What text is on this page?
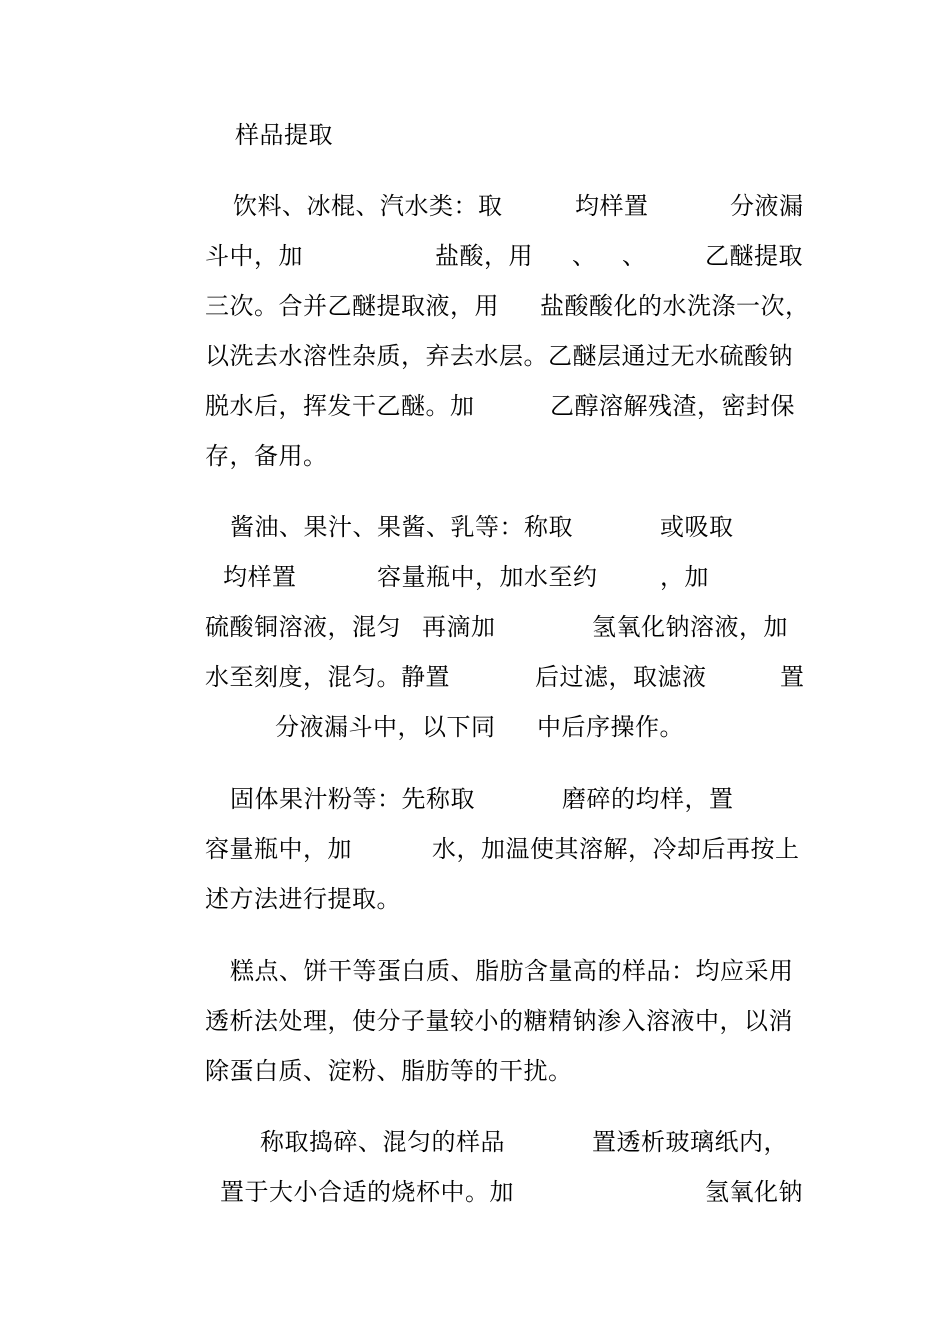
样品提取

饮料、冰棍、汽水类：取

	均样置

	分液漏

斗中，加

	盐酸，用

、

、

乙醚提取

三次。合并乙醚提取液，用

盐酸酸化的水洗涤一次，

以洗去水溶性杂质，弃去水层。乙醚层通过无水硫酸钠

脱水后，挥发干乙醚。加

	乙醇溶解残渣，密封保

存，备用。

酱油、果汁、果酱、乳等：称取

	或吸取

均样置

	容量瓶中，加水至约

	，加

硫酸铜溶液，混匀

再滴加

	氢氧化钠溶液，加

水至刻度，混匀。静置

	后过滤，取滤液

	置

分液漏斗中，以下同

中后序操作。

固体果汁粉等：先称取

	磨碎的均样，置

容量瓶中，加

	水，加温使其溶解，冷却后再按上

述方法进行提取。

糕点、饼干等蛋白质、脂肪含量高的样品：均应采用

透析法处理，使分子量较小的糖精钠渗入溶液中，以消

除蛋白质、淀粉、脂肪等的干扰。

称取捣碎、混匀的样品

	置透析玻璃纸内，

置于大小合适的烧杯中。加

	氢氧化钠
